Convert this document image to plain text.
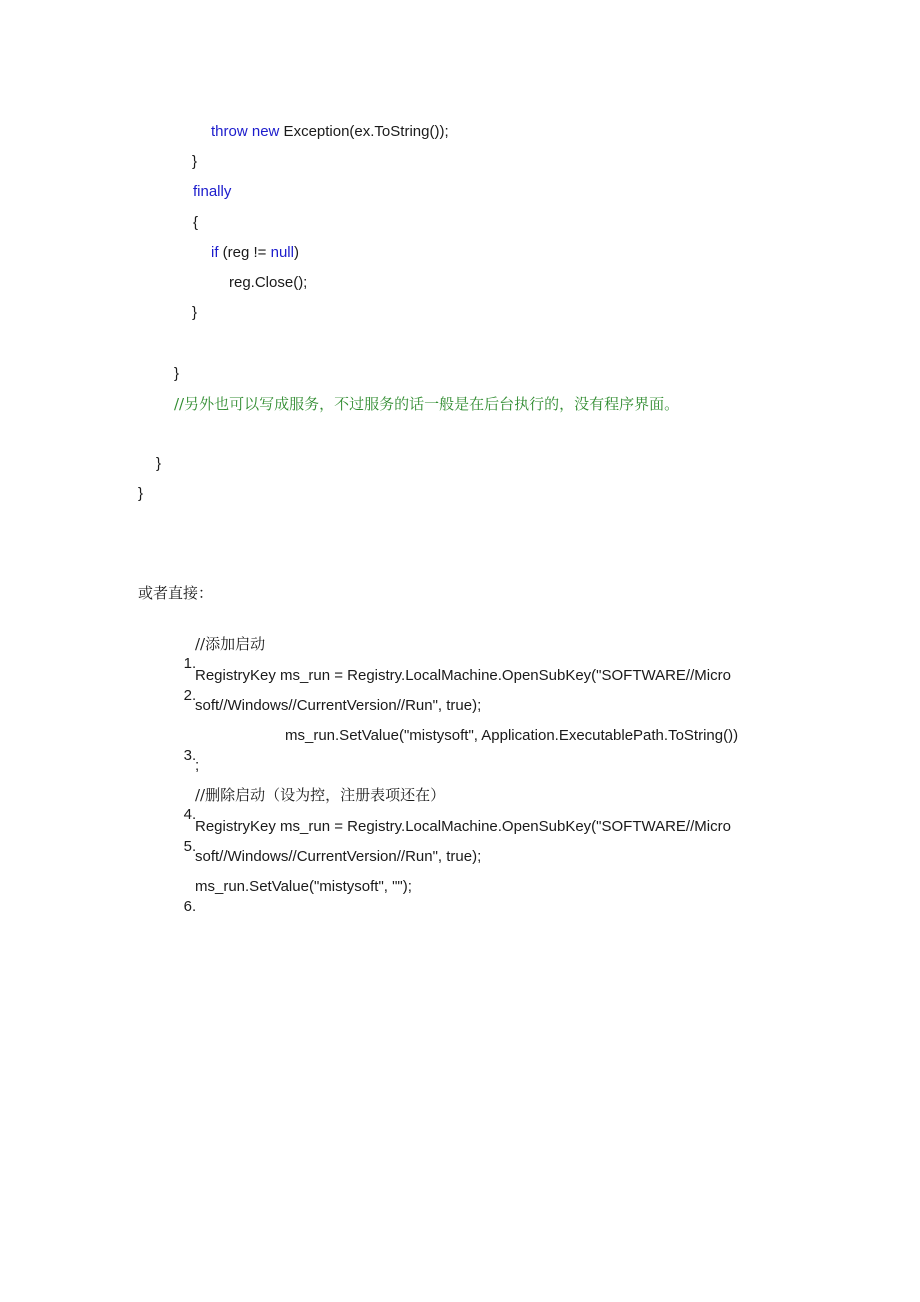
throw new Exception(ex.ToString());
}
finally
{
if (reg != null)
reg.Close();
}
}
//另外也可以写成服务，不过服务的话一般是在后台执行的，没有程序界面。
}
}
或者直接：

1.

//添加启动

2.

RegistryKey ms_run = Registry.LocalMachine.OpenSubKey("SOFTWARE//Micro
soft//Windows//CurrentVersion//Run", true);

3.

ms_run.SetValue("mistysoft", Application.ExecutablePath.ToString())
;

4.

//删除启动（设为控，注册表项还在）

5.

RegistryKey ms_run = Registry.LocalMachine.OpenSubKey("SOFTWARE//Micro
soft//Windows//CurrentVersion//Run", true);

6.

ms_run.SetValue("mistysoft", "");
